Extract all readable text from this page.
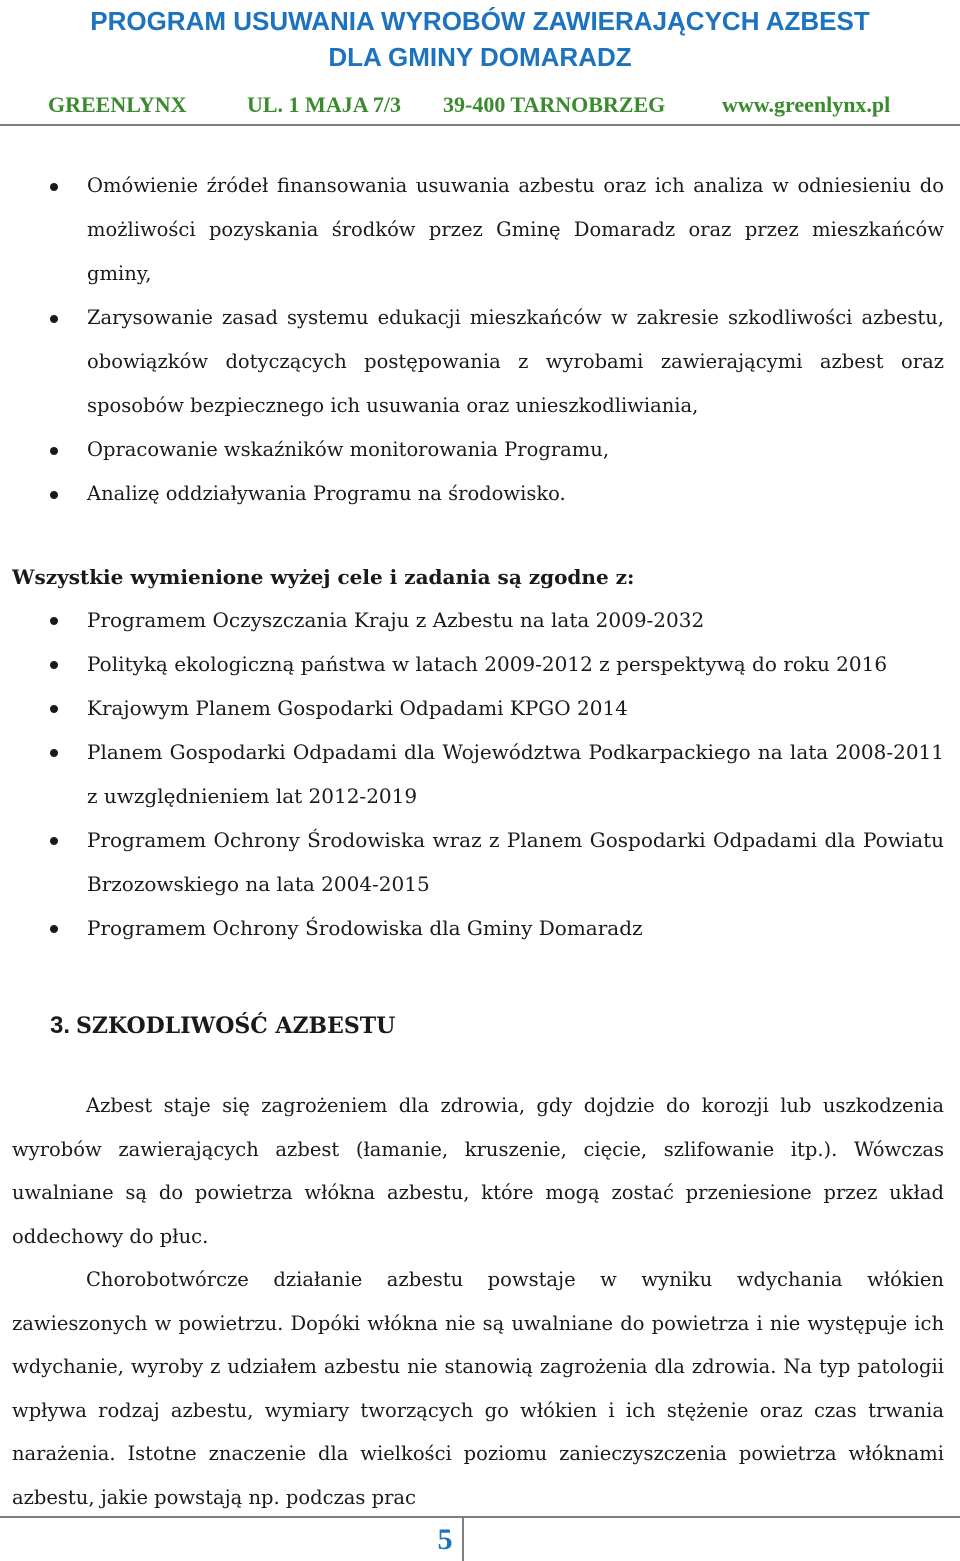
PROGRAM USUWANIA WYROBÓW ZAWIERAJĄCYCH AZBEST
DLA GMINY DOMARADZ
GREENLYNX	UL. 1 MAJA 7/3 39-400 TARNOBRZEG	www.greenlynx.pl
Omówienie źródeł finansowania usuwania azbestu oraz ich analiza w odniesieniu do możliwości pozyskania środków przez Gminę Domaradz oraz przez mieszkańców gminy,
Zarysowanie zasad systemu edukacji mieszkańców w zakresie szkodliwości azbestu, obowiązków dotyczących postępowania z wyrobami zawierającymi azbest oraz sposobów bezpiecznego ich usuwania oraz unieszkodliwiania,
Opracowanie wskaźników monitorowania Programu,
Analizę oddziaływania Programu na środowisko.
Wszystkie wymienione wyżej cele i zadania są zgodne z:
Programem Oczyszczania Kraju z Azbestu na lata 2009-2032
Polityką ekologiczną państwa w latach 2009-2012 z perspektywą do roku 2016
Krajowym Planem Gospodarki Odpadami KPGO 2014
Planem Gospodarki Odpadami dla Województwa Podkarpackiego na lata 2008-2011 z uwzględnieniem lat 2012-2019
Programem Ochrony Środowiska wraz z Planem Gospodarki Odpadami dla Powiatu Brzozowskiego na lata 2004-2015
Programem Ochrony Środowiska dla Gminy Domaradz
3. SZKODLIWOŚĆ AZBESTU

Azbest staje się zagrożeniem dla zdrowia, gdy dojdzie do korozji lub uszkodzenia wyrobów zawierających azbest (łamanie, kruszenie, cięcie, szlifowanie itp.). Wówczas uwalniane są do powietrza włókna azbestu, które mogą zostać przeniesione przez układ oddechowy do płuc.

Chorobotwórcze działanie azbestu powstaje w wyniku wdychania włókien zawieszonych w powietrzu. Dopóki włókna nie są uwalniane do powietrza i nie występuje ich wdychanie, wyroby z udziałem azbestu nie stanowią zagrożenia dla zdrowia. Na typ patologii wpływa rodzaj azbestu, wymiary tworzących go włókien i ich stężenie oraz czas trwania narażenia. Istotne znaczenie dla wielkości poziomu zanieczyszczenia powietrza włóknami azbestu, jakie powstają np. podczas prac

5
